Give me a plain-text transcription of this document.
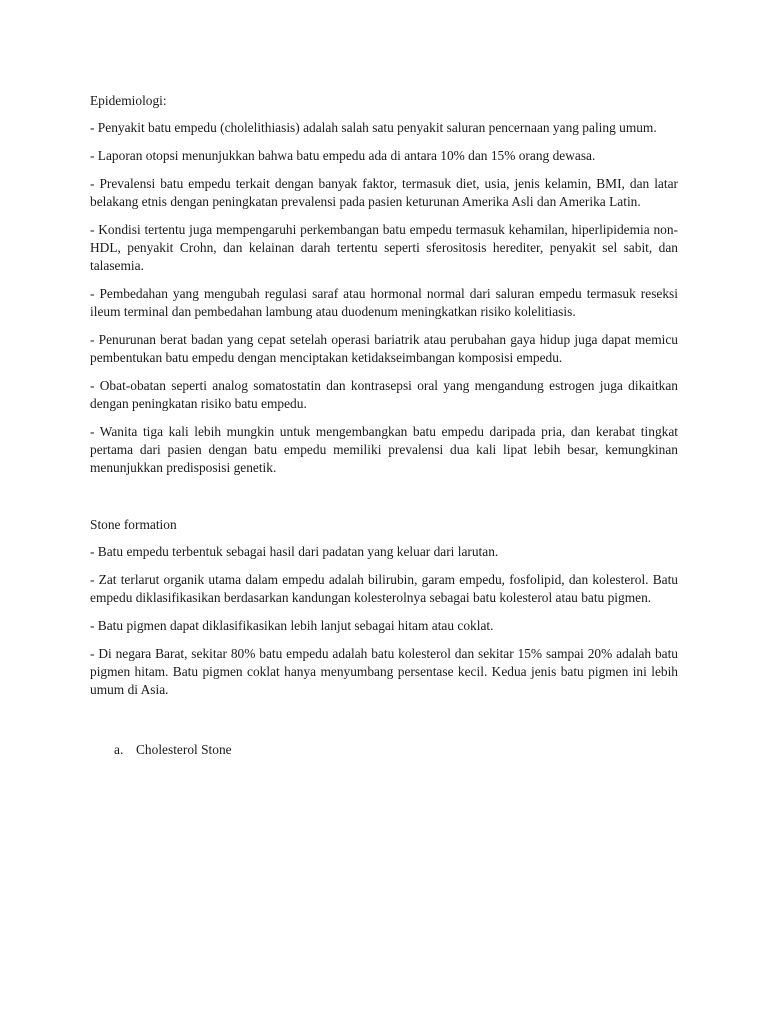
Epidemiologi:

- Penyakit batu empedu (cholelithiasis) adalah salah satu penyakit saluran pencernaan yang paling umum.

- Laporan otopsi menunjukkan bahwa batu empedu ada di antara 10% dan 15% orang dewasa.

- Prevalensi batu empedu terkait dengan banyak faktor, termasuk diet, usia, jenis kelamin, BMI, dan latar belakang etnis dengan peningkatan prevalensi pada pasien keturunan Amerika Asli dan Amerika Latin.

- Kondisi tertentu juga mempengaruhi perkembangan batu empedu termasuk kehamilan, hiperlipidemia non-HDL, penyakit Crohn, dan kelainan darah tertentu seperti sferositosis herediter, penyakit sel sabit, dan talasemia.

- Pembedahan yang mengubah regulasi saraf atau hormonal normal dari saluran empedu termasuk reseksi ileum terminal dan pembedahan lambung atau duodenum meningkatkan risiko kolelitiasis.

- Penurunan berat badan yang cepat setelah operasi bariatrik atau perubahan gaya hidup juga dapat memicu pembentukan batu empedu dengan menciptakan ketidakseimbangan komposisi empedu.

- Obat-obatan seperti analog somatostatin dan kontrasepsi oral yang mengandung estrogen juga dikaitkan dengan peningkatan risiko batu empedu.

- Wanita tiga kali lebih mungkin untuk mengembangkan batu empedu daripada pria, dan kerabat tingkat pertama dari pasien dengan batu empedu memiliki prevalensi dua kali lipat lebih besar, kemungkinan menunjukkan predisposisi genetik.

Stone formation

- Batu empedu terbentuk sebagai hasil dari padatan yang keluar dari larutan.

- Zat terlarut organik utama dalam empedu adalah bilirubin, garam empedu, fosfolipid, dan kolesterol. Batu empedu diklasifikasikan berdasarkan kandungan kolesterolnya sebagai batu kolesterol atau batu pigmen.

- Batu pigmen dapat diklasifikasikan lebih lanjut sebagai hitam atau coklat.

- Di negara Barat, sekitar 80% batu empedu adalah batu kolesterol dan sekitar 15% sampai 20% adalah batu pigmen hitam. Batu pigmen coklat hanya menyumbang persentase kecil. Kedua jenis batu pigmen ini lebih umum di Asia.

a. Cholesterol Stone
